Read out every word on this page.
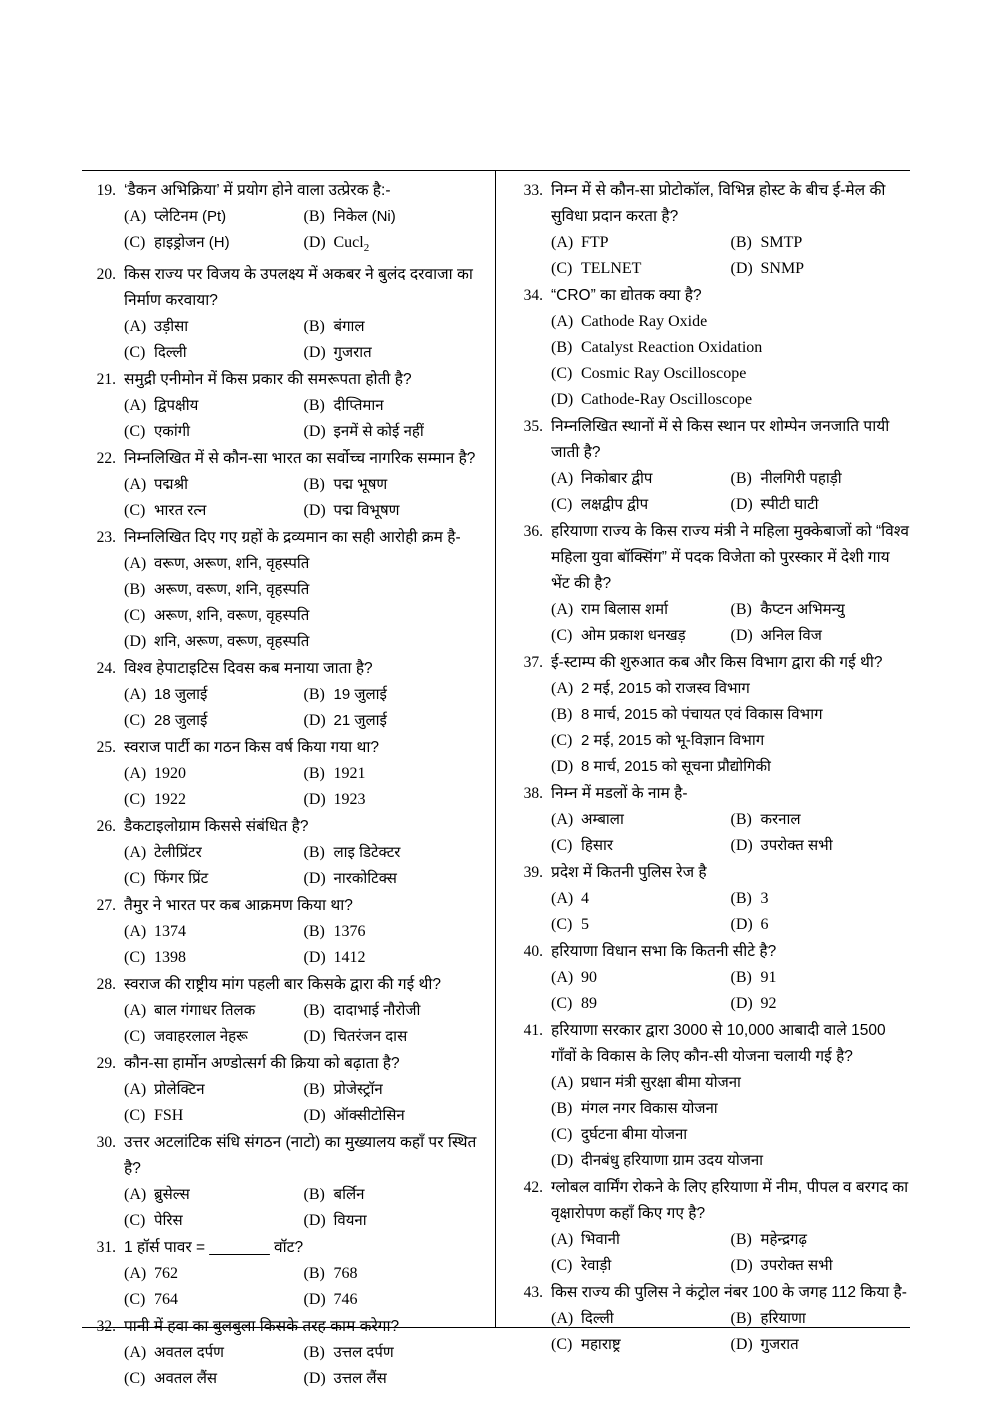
19. ‘डैकन अभिक्रिया’ में प्रयोग होने वाला उत्प्रेरक है:-
(A) प्लेटिनम (Pt)	(B) निकेल (Ni)
(C) हाइड्रोजन (H)	(D) Cucl$_2$
20. किस राज्य पर विजय के उपलक्ष्य में अकबर ने बुलंद दरवाजा का निर्माण करवाया?
(A) उड़ीसा	(B) बंगाल
(C) दिल्ली	(D) गुजरात
21. समुद्री एनीमोन में किस प्रकार की समरूपता होती है?
(A) द्विपक्षीय	(B) दीप्तिमान
(C) एकांगी	(D) इनमें से कोई नहीं
22. निम्नलिखित में से कौन-सा भारत का सर्वोच्च नागरिक सम्मान है?
(A) पद्मश्री	(B) पद्म भूषण
(C) भारत रत्न	(D) पद्म विभूषण
23. निम्नलिखित दिए गए ग्रहों के द्रव्यमान का सही आरोही क्रम है-
(A) वरूण, अरूण, शनि, वृहस्पति
(B) अरूण, वरूण, शनि, वृहस्पति
(C) अरूण, शनि, वरूण, वृहस्पति
(D) शनि, अरूण, वरूण, वृहस्पति
24. विश्व हेपाटाइटिस दिवस कब मनाया जाता है?
(A) 18 जुलाई	(B) 19 जुलाई
(C) 28 जुलाई	(D) 21 जुलाई
25. स्वराज पार्टी का गठन किस वर्ष किया गया था?
(A) 1920	(B) 1921
(C) 1922	(D) 1923
26. डैकटाइलोग्राम किससे संबंधित है?
(A) टेलीप्रिंटर	(B) लाइ डिटेक्टर
(C) फिंगर प्रिंट	(D) नारकोटिक्स
27. तैमुर ने भारत पर कब आक्रमण किया था?
(A) 1374	(B) 1376
(C) 1398	(D) 1412
28. स्वराज की राष्ट्रीय मांग पहली बार किसके द्वारा की गई थी?
(A) बाल गंगाधर तिलक	(B) दादाभाई नौरोजी
(C) जवाहरलाल नेहरू	(D) चितरंजन दास
29. कौन-सा हार्मोन अण्डोत्सर्ग की क्रिया को बढ़ाता है?
(A) प्रोलेक्टिन	(B) प्रोजेस्ट्रॉन
(C) FSH	(D) ऑक्सीटोसिन
30. उत्तर अटलांटिक संधि संगठन (नाटो) का मुख्यालय कहाँ पर स्थित है?
(A) ब्रुसेल्स	(B) बर्लिन
(C) पेरिस	(D) वियना
31. 1 हॉर्स पावर = _______ वॉट?
(A) 762	(B) 768
(C) 764	(D) 746
32. पानी में हवा का बुलबुला किसके तरह काम करेगा?
(A) अवतल दर्पण	(B) उत्तल दर्पण
(C) अवतल लैंस	(D) उत्तल लैंस
33. निम्न में से कौन-सा प्रोटोकॉल, विभिन्न होस्ट के बीच ई-मेल की सुविधा प्रदान करता है?
(A) FTP	(B) SMTP
(C) TELNET	(D) SNMP
34. “CRO” का द्योतक क्या है?
(A) Cathode Ray Oxide
(B) Catalyst Reaction Oxidation
(C) Cosmic Ray Oscilloscope
(D) Cathode-Ray Oscilloscope
35. निम्नलिखित स्थानों में से किस स्थान पर शोम्पेन जनजाति पायी जाती है?
(A) निकोबार द्वीप	(B) नीलगिरी पहाड़ी
(C) लक्षद्वीप द्वीप	(D) स्पीटी घाटी
36. हरियाणा राज्य के किस राज्य मंत्री ने महिला मुक्केबाजों को “विश्व महिला युवा बॉक्सिंग” में पदक विजेता को पुरस्कार में देशी गाय भेंट की है?
(A) राम बिलास शर्मा	(B) कैप्टन अभिमन्यु
(C) ओम प्रकाश धनखड़	(D) अनिल विज
37. ई-स्टाम्प की शुरुआत कब और किस विभाग द्वारा की गई थी?
(A) 2 मई, 2015 को राजस्व विभाग
(B) 8 मार्च, 2015 को पंचायत एवं विकास विभाग
(C) 2 मई, 2015 को भू-विज्ञान विभाग
(D) 8 मार्च, 2015 को सूचना प्रौद्योगिकी
38. निम्न में मडलों के नाम है-
(A) अम्बाला	(B) करनाल
(C) हिसार	(D) उपरोक्त सभी
39. प्रदेश में कितनी पुलिस रेज है
(A) 4	(B) 3
(C) 5	(D) 6
40. हरियाणा विधान सभा कि कितनी सीटे है?
(A) 90	(B) 91
(C) 89	(D) 92
41. हरियाणा सरकार द्वारा 3000 से 10,000 आबादी वाले 1500 गाँवों के विकास के लिए कौन-सी योजना चलायी गई है?
(A) प्रधान मंत्री सुरक्षा बीमा योजना
(B) मंगल नगर विकास योजना
(C) दुर्घटना बीमा योजना
(D) दीनबंधु हरियाणा ग्राम उदय योजना
42. ग्लोबल वार्मिंग रोकने के लिए हरियाणा में नीम, पीपल व बरगद का वृक्षारोपण कहाँ किए गए है?
(A) भिवानी	(B) महेन्द्रगढ़
(C) रेवाड़ी	(D) उपरोक्त सभी
43. किस राज्य की पुलिस ने कंट्रोल नंबर 100 के जगह 112 किया है-
(A) दिल्ली	(B) हरियाणा
(C) महाराष्ट्र	(D) गुजरात
